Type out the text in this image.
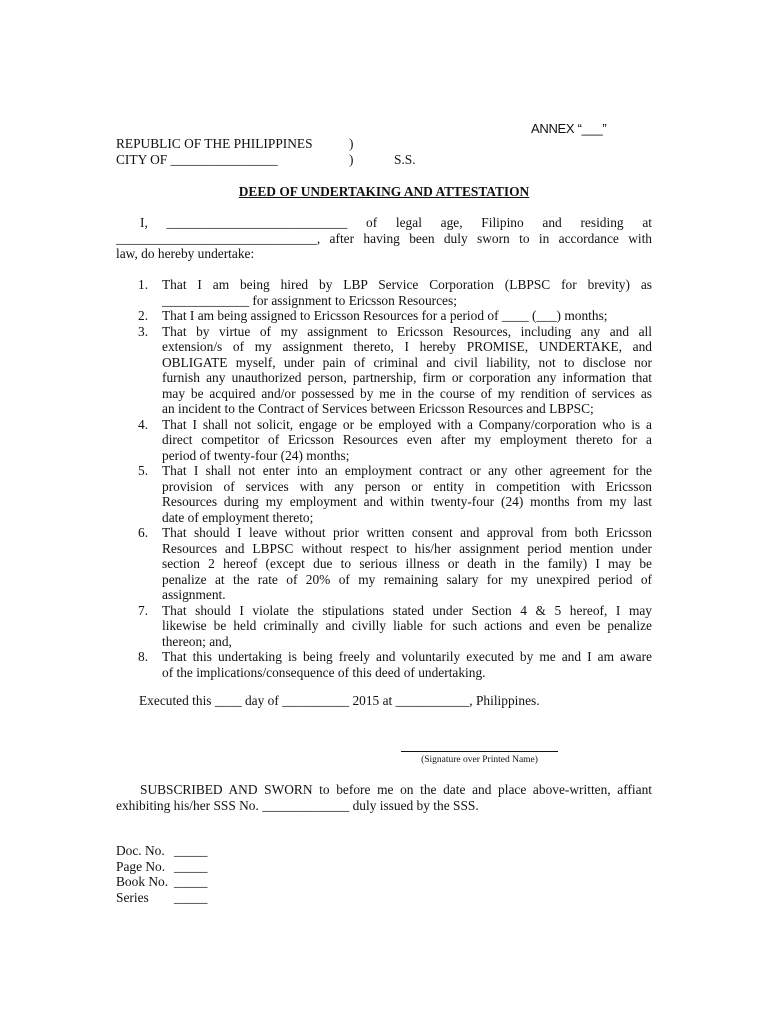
ANNEX “___”
REPUBLIC OF THE PHILIPPINES	)
CITY OF ________________	)	S.S.
DEED OF UNDERTAKING AND ATTESTATION
I, ___________________________ of legal age, Filipino and residing at
______________________________, after having been duly sworn to in accordance with
law, do hereby undertake:
1. That I am being hired by LBP Service Corporation (LBPSC for brevity) as
_____________ for assignment to Ericsson Resources;
2. That I am being assigned to Ericsson Resources for a period of ____ (___) months;
3. That by virtue of my assignment to Ericsson Resources, including any and all
extension/s of my assignment thereto, I hereby PROMISE, UNDERTAKE, and
OBLIGATE myself, under pain of criminal and civil liability, not to disclose nor
furnish any unauthorized person, partnership, firm or corporation any information that
may be acquired and/or possessed by me in the course of my rendition of services as
an incident to the Contract of Services between Ericsson Resources and LBPSC;
4. That I shall not solicit, engage or be employed with a Company/corporation who is a
direct competitor of Ericsson Resources even after my employment thereto for a
period of twenty-four (24) months;
5. That I shall not enter into an employment contract or any other agreement for the
provision of services with any person or entity in competition with Ericsson
Resources during my employment and within twenty-four (24) months from my last
date of employment thereto;
6. That should I leave without prior written consent and approval from both Ericsson
Resources and LBPSC without respect to his/her assignment period mention under
section 2 hereof (except due to serious illness or death in the family) I may be
penalize at the rate of 20% of my remaining salary for my unexpired period of
assignment.
7. That should I violate the stipulations stated under Section 4 & 5 hereof, I may
likewise be held criminally and civilly liable for such actions and even be penalize
thereon; and,
8. That this undertaking is being freely and voluntarily executed by me and I am aware
of the implications/consequence of this deed of undertaking.
Executed this ____ day of __________ 2015 at ___________, Philippines.
(Signature over Printed Name)
SUBSCRIBED AND SWORN to before me on the date and place above-written, affiant
exhibiting his/her SSS No. _____________ duly issued by the SSS.
Doc. No. _____
Page No. _____
Book No. _____
Series _____
